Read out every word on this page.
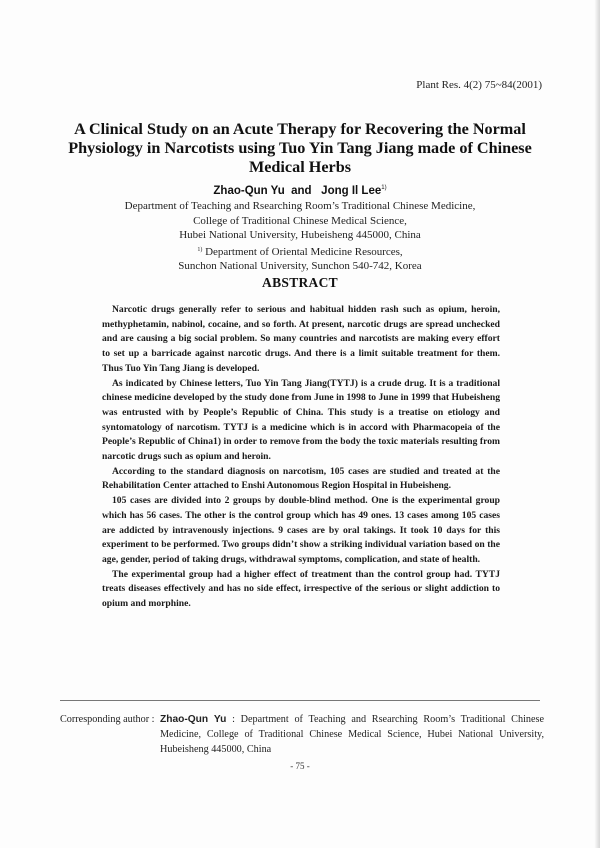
Plant Res. 4(2) 75~84(2001)
A Clinical Study on an Acute Therapy for Recovering the Normal
Physiology in Narcotists using Tuo Yin Tang Jiang made of Chinese
Medical Herbs
Zhao-Qun Yu and Jong Il Lee$^{1)}$
Department of Teaching and Rsearching Room’s Traditional Chinese Medicine,
College of Traditional Chinese Medical Science,
Hubei National University, Hubeisheng 445000, China
$^{1)}$ Department of Oriental Medicine Resources,
Sunchon National University, Sunchon 540-742, Korea
ABSTRACT

Narcotic drugs generally refer to serious and habitual hidden rash such as opium, heroin, methyphetamin, nabinol, cocaine, and so forth. At present, narcotic drugs are spread unchecked and are causing a big social problem. So many countries and narcotists are making every effort to set up a barricade against narcotic drugs. And there is a limit suitable treatment for them. Thus Tuo Yin Tang Jiang is developed.

As indicated by Chinese letters, Tuo Yin Tang Jiang(TYTJ) is a crude drug. It is a traditional chinese medicine developed by the study done from June in 1998 to June in 1999 that Hubeisheng was entrusted with by People’s Republic of China. This study is a treatise on etiology and syntomatology of narcotism. TYTJ is a medicine which is in accord with Pharmacopeia of the People’s Republic of China1) in order to remove from the body the toxic materials resulting from narcotic drugs such as opium and heroin.

According to the standard diagnosis on narcotism, 105 cases are studied and treated at the Rehabilitation Center attached to Enshi Autonomous Region Hospital in Hubeisheng.

105 cases are divided into 2 groups by double-blind method. One is the experimental group which has 56 cases. The other is the control group which has 49 ones. 13 cases among 105 cases are addicted by intravenously injections. 9 cases are by oral takings. It took 10 days for this experiment to be performed. Two groups didn’t show a striking individual variation based on the age, gender, period of taking drugs, withdrawal symptoms, complication, and state of health.

The experimental group had a higher effect of treatment than the control group had. TYTJ treats diseases effectively and has no side effect, irrespective of the serious or slight addiction to opium and morphine.

Corresponding author : Zhao-Qun Yu : Department of Teaching and Rsearching Room’s Traditional Chinese Medicine, College of Traditional Chinese Medical Science, Hubei National University, Hubeisheng 445000, China
- 75 -
